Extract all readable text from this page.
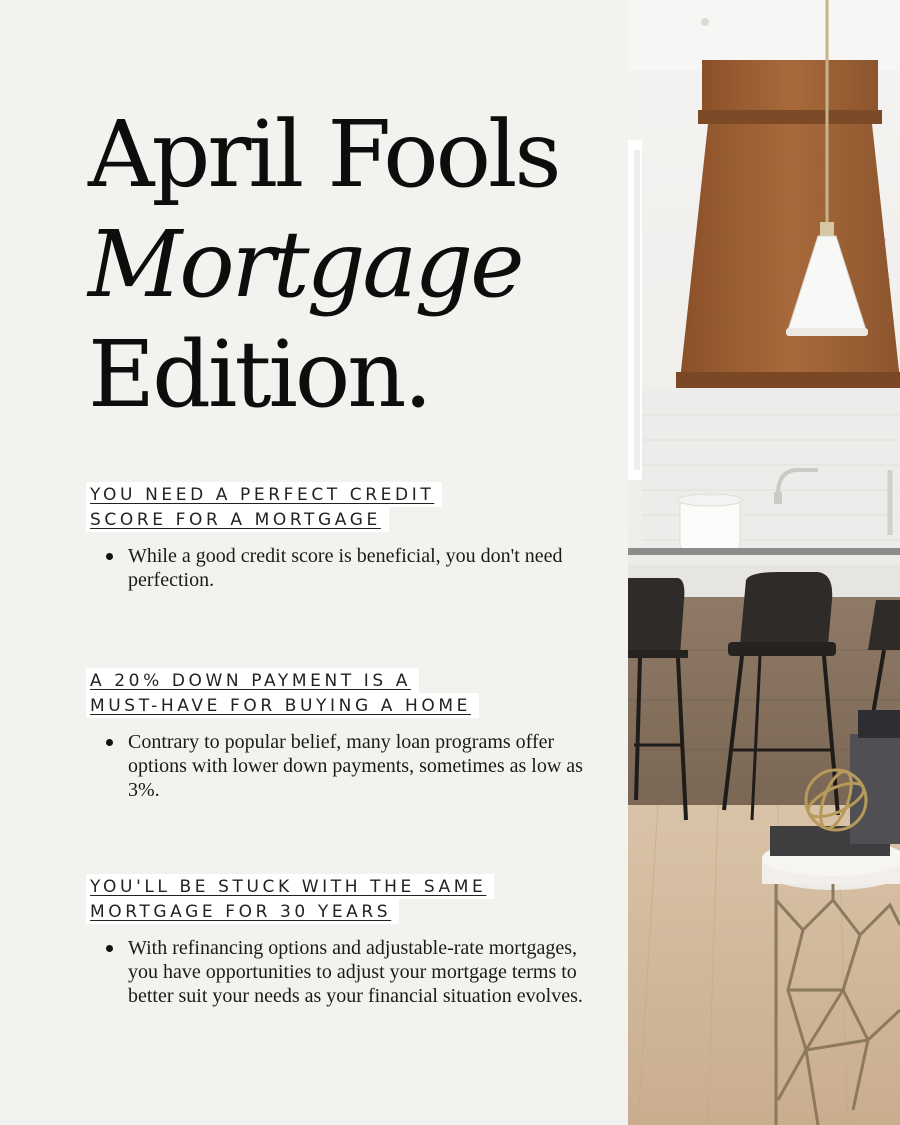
April Fools
Mortgage
Edition.
YOU NEED A PERFECT CREDIT
SCORE FOR A MORTGAGE

While a good credit score is beneficial, you don't need perfection.

A 20% DOWN PAYMENT IS A
MUST-HAVE FOR BUYING A HOME

Contrary to popular belief, many loan programs offer options with lower down payments, sometimes as low as 3%.

YOU'LL BE STUCK WITH THE SAME
MORTGAGE FOR 30 YEARS

With refinancing options and adjustable-rate mortgages, you have opportunities to adjust your mortgage terms to better suit your needs as your financial situation evolves.
